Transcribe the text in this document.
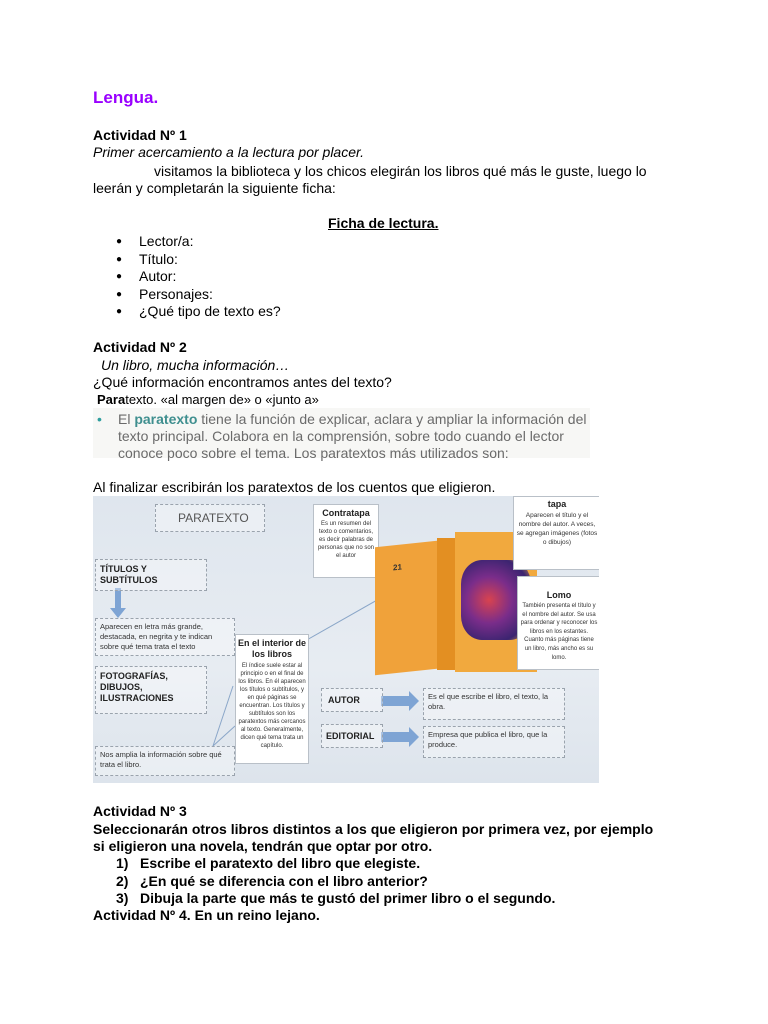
Lengua.
Actividad Nº 1
Primer acercamiento a la lectura por placer.
visitamos la biblioteca y los chicos elegirán los libros qué más le guste, luego lo
leerán y completarán la siguiente ficha:
Ficha de lectura.
● Lector/a:
● Título:
● Autor:
● Personajes:
● ¿Qué tipo de texto es?
Actividad Nº 2
Un libro, mucha información…
¿Qué información encontramos antes del texto?
Paratexto. «al margen de» o «junto a»
• El paratexto tiene la función de explicar, aclara y ampliar la información del texto principal. Colabora en la comprensión, sobre todo cuando el lector conoce poco sobre el tema. Los paratextos más utilizados son:
Al finalizar escribirán los paratextos de los cuentos que eligieron.
PARATEXTO
TÍTULOS Y SUBTÍTULOS
Aparecen en letra más grande, destacada, en negrita y te indican sobre qué tema trata el texto
FOTOGRAFÍAS, DIBUJOS, ILUSTRACIONES
Nos amplia la información sobre qué trata el libro.
En el interior de los libros
El índice suele estar al principio o en el final de los libros. En él aparecen los títulos o subtítulos, y en qué páginas se encuentran. Los títulos y subtítulos son los paratextos más cercanos al texto. Generalmente, dicen qué tema trata un capítulo.
Contratapa
Es un resumen del texto o comentarios, es decir palabras de personas que no son el autor
21
tapa
Aparecen el título y el nombre del autor. A veces, se agregan imágenes (fotos o dibujos)
Lomo
También presenta el título y el nombre del autor. Se usa para ordenar y reconocer los libros en los estantes. Cuanto más páginas tiene un libro, más ancho es su lomo.
AUTOR	Es el que escribe el libro, el texto, la obra.
EDITORIAL	Empresa que publica el libro, que la produce.
Actividad Nº 3
Seleccionarán otros libros distintos a los que eligieron por primera vez, por ejemplo
si eligieron una novela, tendrán que optar por otro.
1) Escribe el paratexto del libro que elegiste.
2) ¿En qué se diferencia con el libro anterior?
3) Dibuja la parte que más te gustó del primer libro o el segundo.
Actividad Nº 4. En un reino lejano.
